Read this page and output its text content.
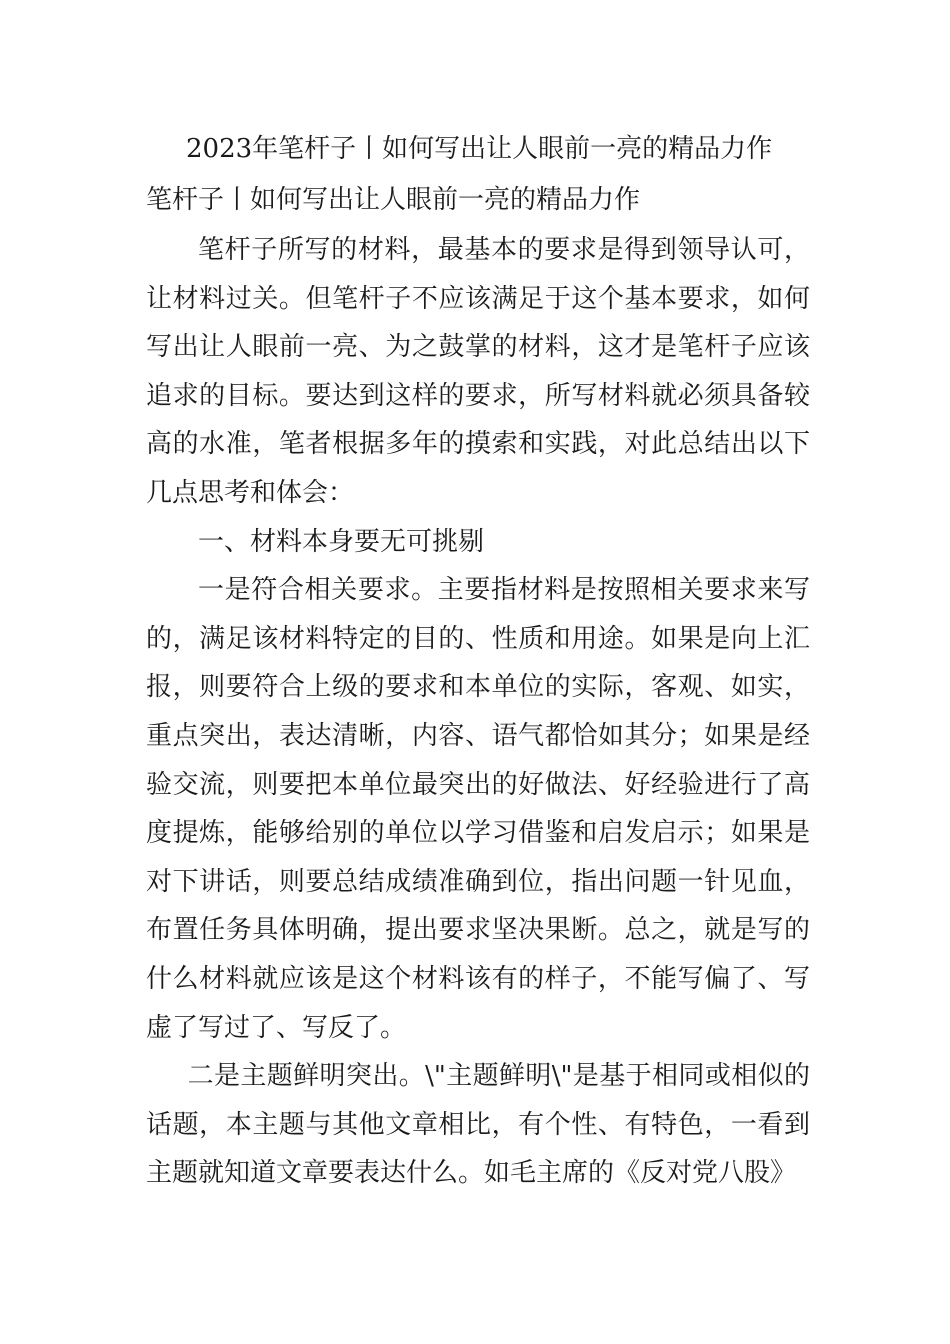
2023年笔杆子丨如何写出让人眼前一亮的精品力作
笔杆子丨如何写出让人眼前一亮的精品力作

笔杆子所写的材料，最基本的要求是得到领导认可，让材料过关。但笔杆子不应该满足于这个基本要求，如何写出让人眼前一亮、为之鼓掌的材料，这才是笔杆子应该追求的目标。要达到这样的要求，所写材料就必须具备较高的水准，笔者根据多年的摸索和实践，对此总结出以下几点思考和体会：

一、材料本身要无可挑剔

一是符合相关要求。主要指材料是按照相关要求来写的，满足该材料特定的目的、性质和用途。如果是向上汇报，则要符合上级的要求和本单位的实际，客观、如实，重点突出，表达清晰，内容、语气都恰如其分；如果是经验交流，则要把本单位最突出的好做法、好经验进行了高度提炼，能够给别的单位以学习借鉴和启发启示；如果是对下讲话，则要总结成绩准确到位，指出问题一针见血，布置任务具体明确，提出要求坚决果断。总之，就是写的什么材料就应该是这个材料该有的样子，不能写偏了、写虚了写过了、写反了。

二是主题鲜明突出。\"主题鲜明\"是基于相同或相似的话题，本主题与其他文章相比，有个性、有特色，一看到主题就知道文章要表达什么。如毛主席的《反对党八股》
